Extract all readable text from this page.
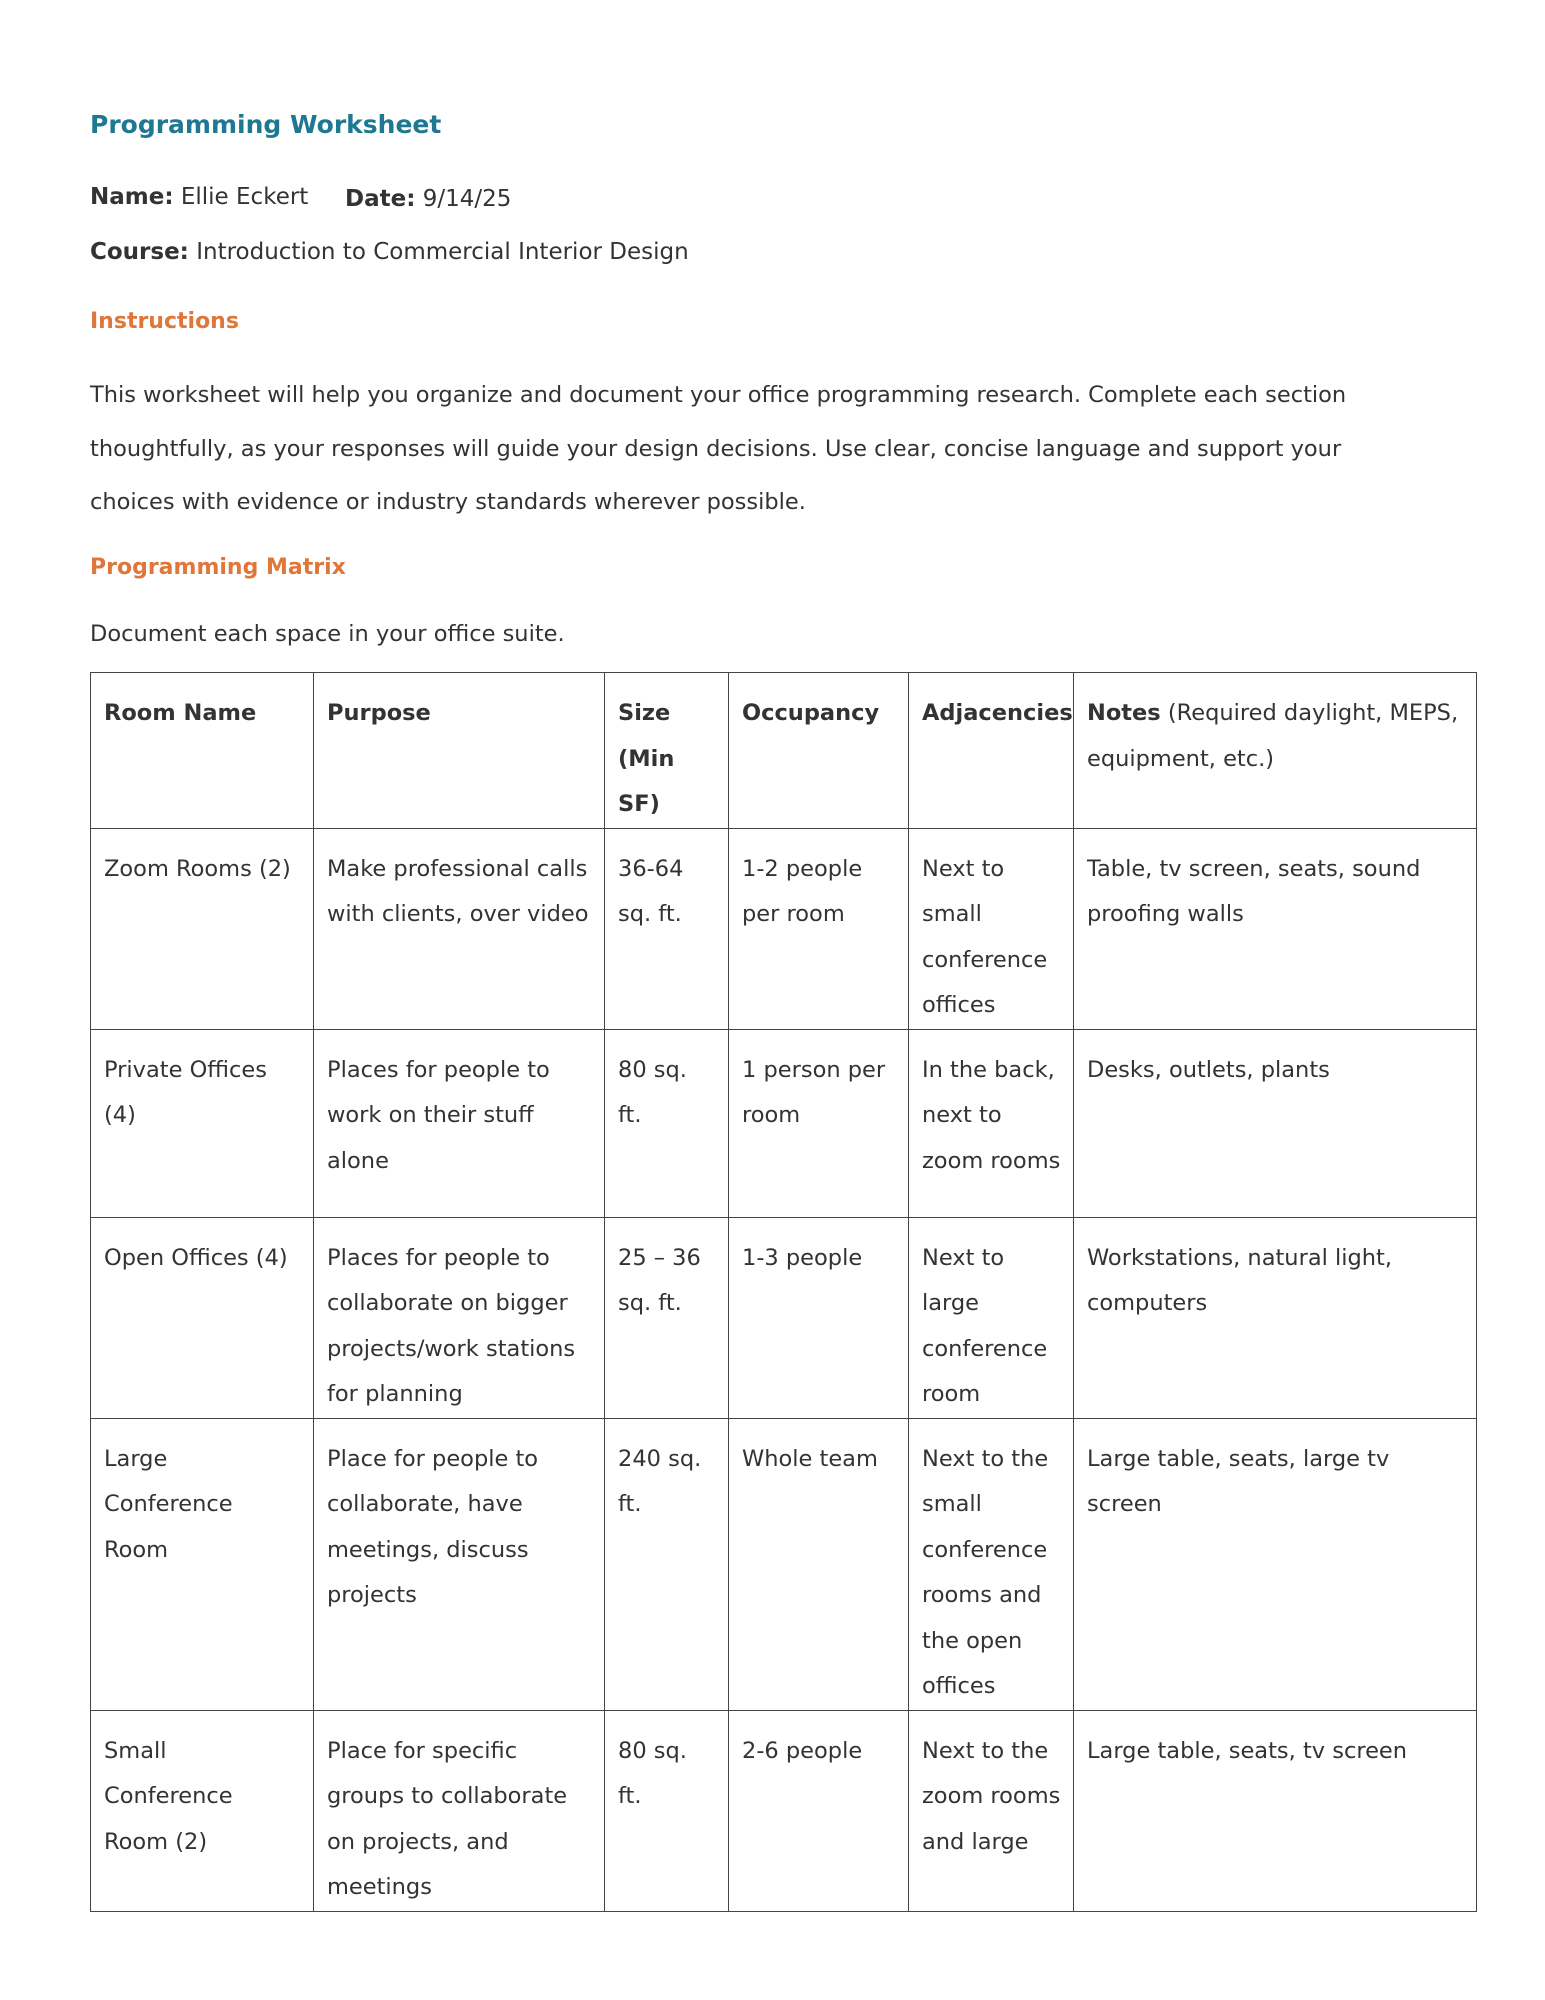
Programming Worksheet
Name: Ellie Eckert Date: 9/14/25
Course: Introduction to Commercial Interior Design
Instructions

This worksheet will help you organize and document your office programming research. Complete each section thoughtfully, as your responses will guide your design decisions. Use clear, concise language and support your choices with evidence or industry standards wherever possible.

Programming Matrix

Document each space in your office suite.

Room Name	Purpose	Size (Min SF)	Occupancy	Adjacencies	Notes (Required daylight, MEPS, equipment, etc.)
Zoom Rooms (2)	Make professional calls with clients, over video	36-64 sq. ft.	1-2 people per room	Next to small conference offices	Table, tv screen, seats, sound proofing walls
Private Offices (4)	Places for people to work on their stuff alone	80 sq. ft.	1 person per room	In the back, next to zoom rooms	Desks, outlets, plants
Open Offices (4)	Places for people to collaborate on bigger projects/work stations for planning	25 – 36 sq. ft.	1-3 people	Next to large conference room	Workstations, natural light, computers
Large Conference Room	Place for people to collaborate, have meetings, discuss projects	240 sq. ft.	Whole team	Next to the small conference rooms and the open offices	Large table, seats, large tv screen
Small Conference Room (2)	Place for specific groups to collaborate on projects, and meetings	80 sq. ft.	2-6 people	Next to the zoom rooms and large	Large table, seats, tv screen
